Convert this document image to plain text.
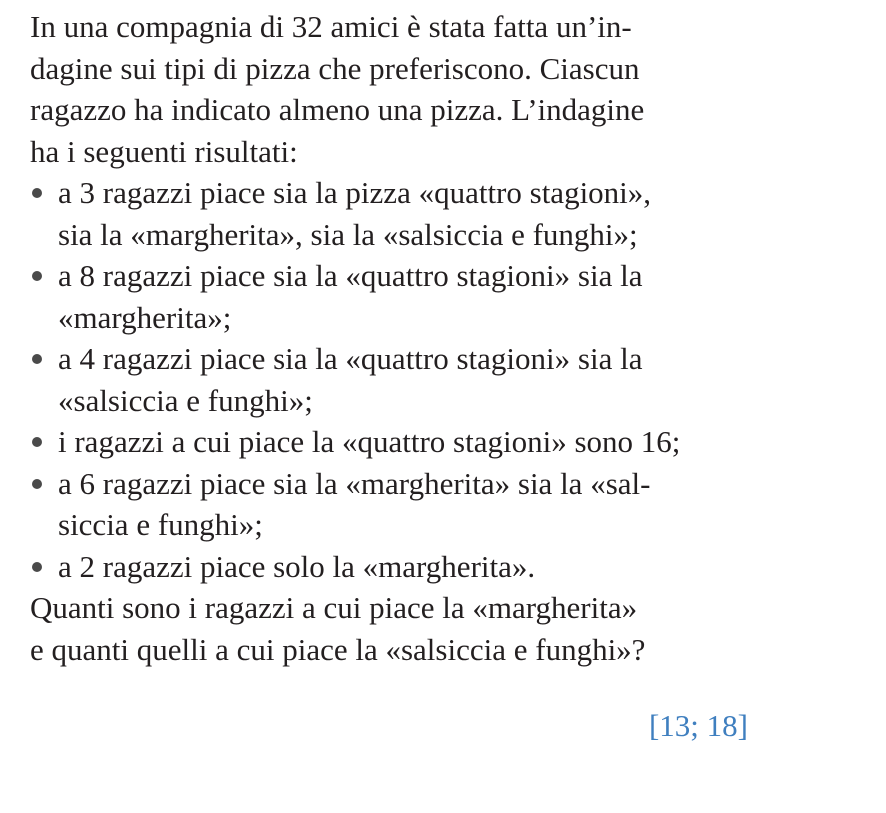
In una compagnia di 32 amici è stata fatta un’in-

dagine sui tipi di pizza che preferiscono. Ciascun

ragazzo ha indicato almeno una pizza. L’indagine

ha i seguenti risultati:

a 3 ragazzi piace sia la pizza «quattro stagioni»,

sia la «margherita», sia la «salsiccia e funghi»;

a 8 ragazzi piace sia la «quattro stagioni» sia la

«margherita»;

a 4 ragazzi piace sia la «quattro stagioni» sia la

«salsiccia e funghi»;

i ragazzi a cui piace la «quattro stagioni» sono 16;

a 6 ragazzi piace sia la «margherita» sia la «sal-

siccia e funghi»;

a 2 ragazzi piace solo la «margherita».

Quanti sono i ragazzi a cui piace la «margherita»

e quanti quelli a cui piace la «salsiccia e funghi»?

[13; 18]
